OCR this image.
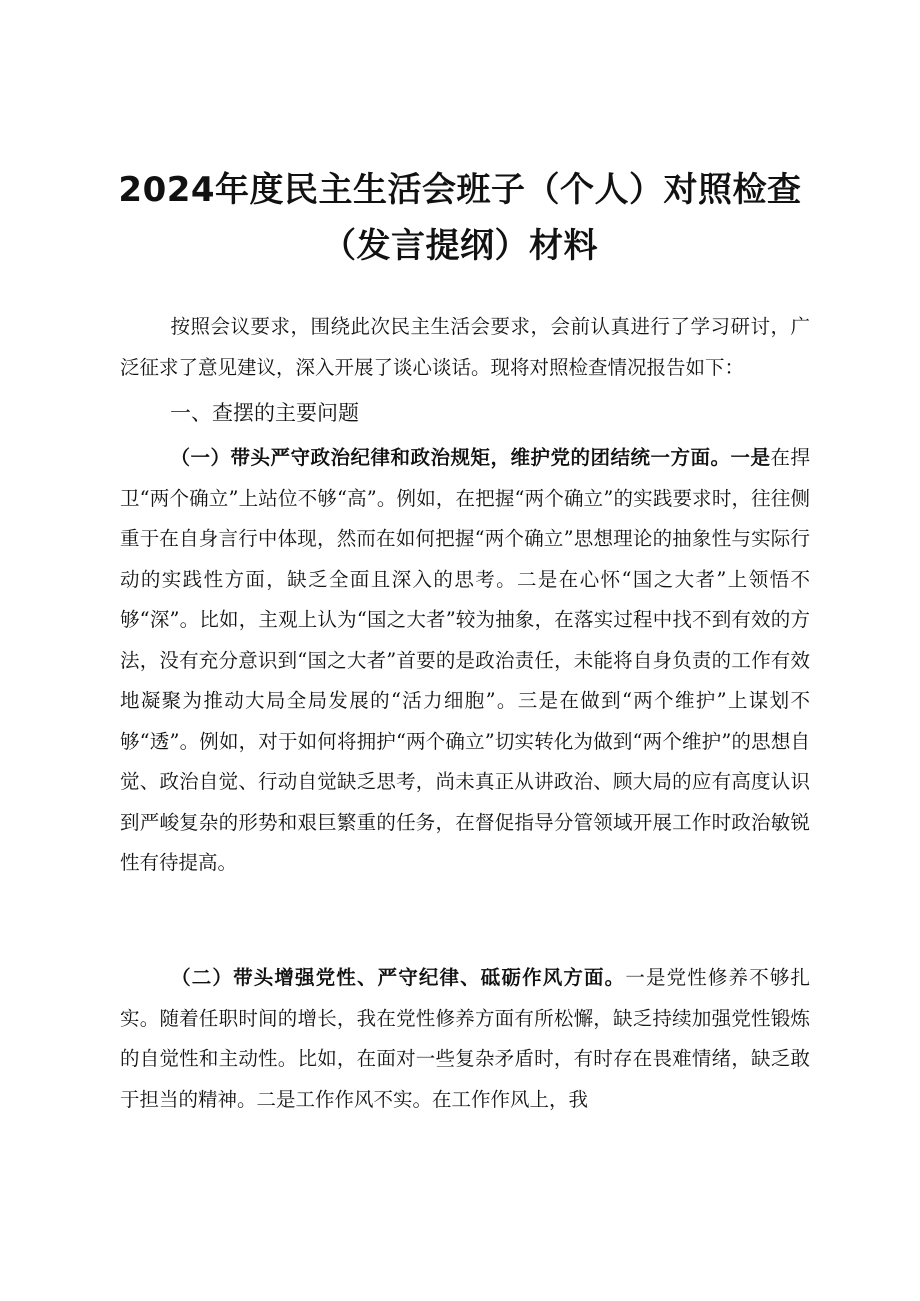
2024年度民主生活会班子（个人）对照检查
（发言提纲）材料
按照会议要求，围绕此次民主生活会要求，会前认真进行了学习研讨，广泛征求了意见建议，深入开展了谈心谈话。现将对照检查情况报告如下：
一、查摆的主要问题
（一）带头严守政治纪律和政治规矩，维护党的团结统一方面。一是在捍卫“两个确立”上站位不够“高”。例如，在把握“两个确立”的实践要求时，往往侧重于在自身言行中体现，然而在如何把握“两个确立”思想理论的抽象性与实际行动的实践性方面，缺乏全面且深入的思考。二是在心怀“国之大者”上领悟不够“深”。比如，主观上认为“国之大者”较为抽象，在落实过程中找不到有效的方法，没有充分意识到“国之大者”首要的是政治责任，未能将自身负责的工作有效地凝聚为推动大局全局发展的“活力细胞”。三是在做到“两个维护”上谋划不够“透”。例如，对于如何将拥护“两个确立”切实转化为做到“两个维护”的思想自觉、政治自觉、行动自觉缺乏思考，尚未真正从讲政治、顾大局的应有高度认识到严峻复杂的形势和艰巨繁重的任务，在督促指导分管领域开展工作时政治敏锐性有待提高。
（二）带头增强党性、严守纪律、砥砺作风方面。一是党性修养不够扎实。随着任职时间的增长，我在党性修养方面有所松懈，缺乏持续加强党性锻炼的自觉性和主动性。比如，在面对一些复杂矛盾时，有时存在畏难情绪，缺乏敢于担当的精神。二是工作作风不实。在工作作风上，我
